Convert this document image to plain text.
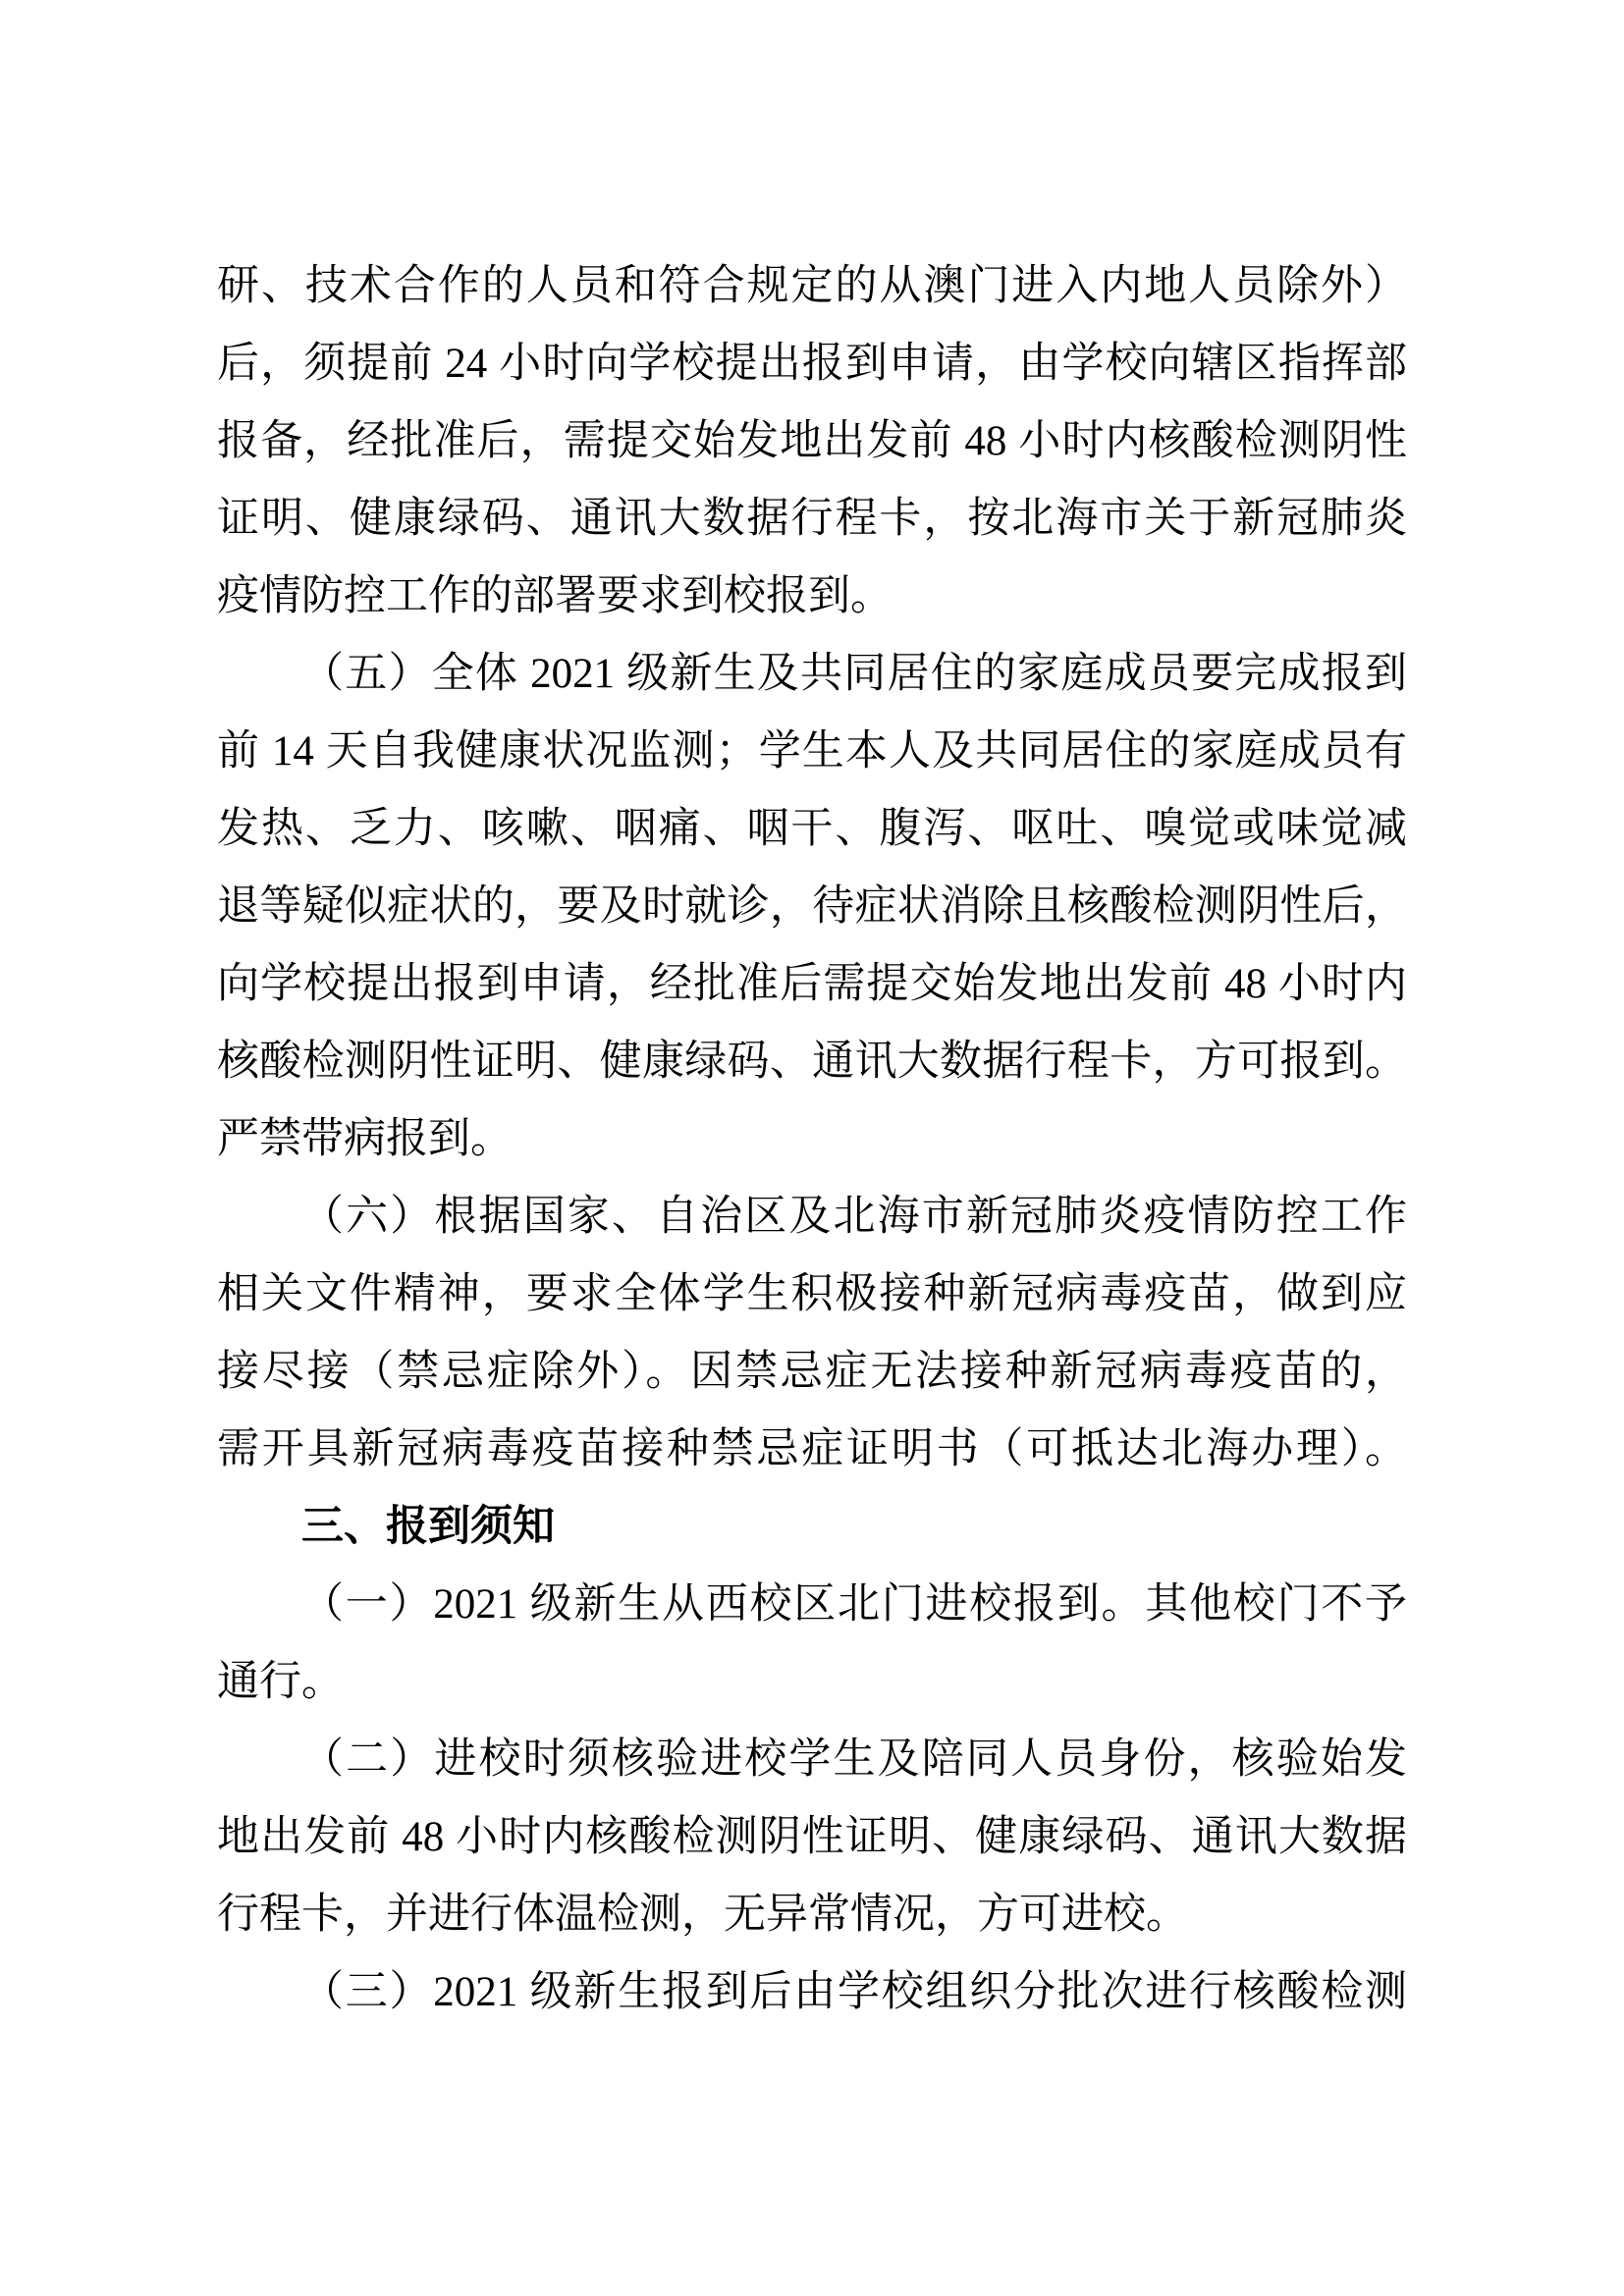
研、技术合作的人员和符合规定的从澳门进入内地人员除外）
后，须提前 24 小时向学校提出报到申请，由学校向辖区指挥部
报备，经批准后，需提交始发地出发前 48 小时内核酸检测阴性
证明、健康绿码、通讯大数据行程卡，按北海市关于新冠肺炎
疫情防控工作的部署要求到校报到。
（五）全体 2021 级新生及共同居住的家庭成员要完成报到
前 14 天自我健康状况监测；学生本人及共同居住的家庭成员有
发热、乏力、咳嗽、咽痛、咽干、腹泻、呕吐、嗅觉或味觉减
退等疑似症状的，要及时就诊，待症状消除且核酸检测阴性后，
向学校提出报到申请，经批准后需提交始发地出发前 48 小时内
核酸检测阴性证明、健康绿码、通讯大数据行程卡，方可报到。
严禁带病报到。
（六）根据国家、自治区及北海市新冠肺炎疫情防控工作
相关文件精神，要求全体学生积极接种新冠病毒疫苗，做到应
接尽接（禁忌症除外）。因禁忌症无法接种新冠病毒疫苗的，
需开具新冠病毒疫苗接种禁忌症证明书（可抵达北海办理）。
三、报到须知
（一）2021 级新生从西校区北门进校报到。其他校门不予
通行。
（二）进校时须核验进校学生及陪同人员身份，核验始发
地出发前 48 小时内核酸检测阴性证明、健康绿码、通讯大数据
行程卡，并进行体温检测，无异常情况，方可进校。
（三）2021 级新生报到后由学校组织分批次进行核酸检测
